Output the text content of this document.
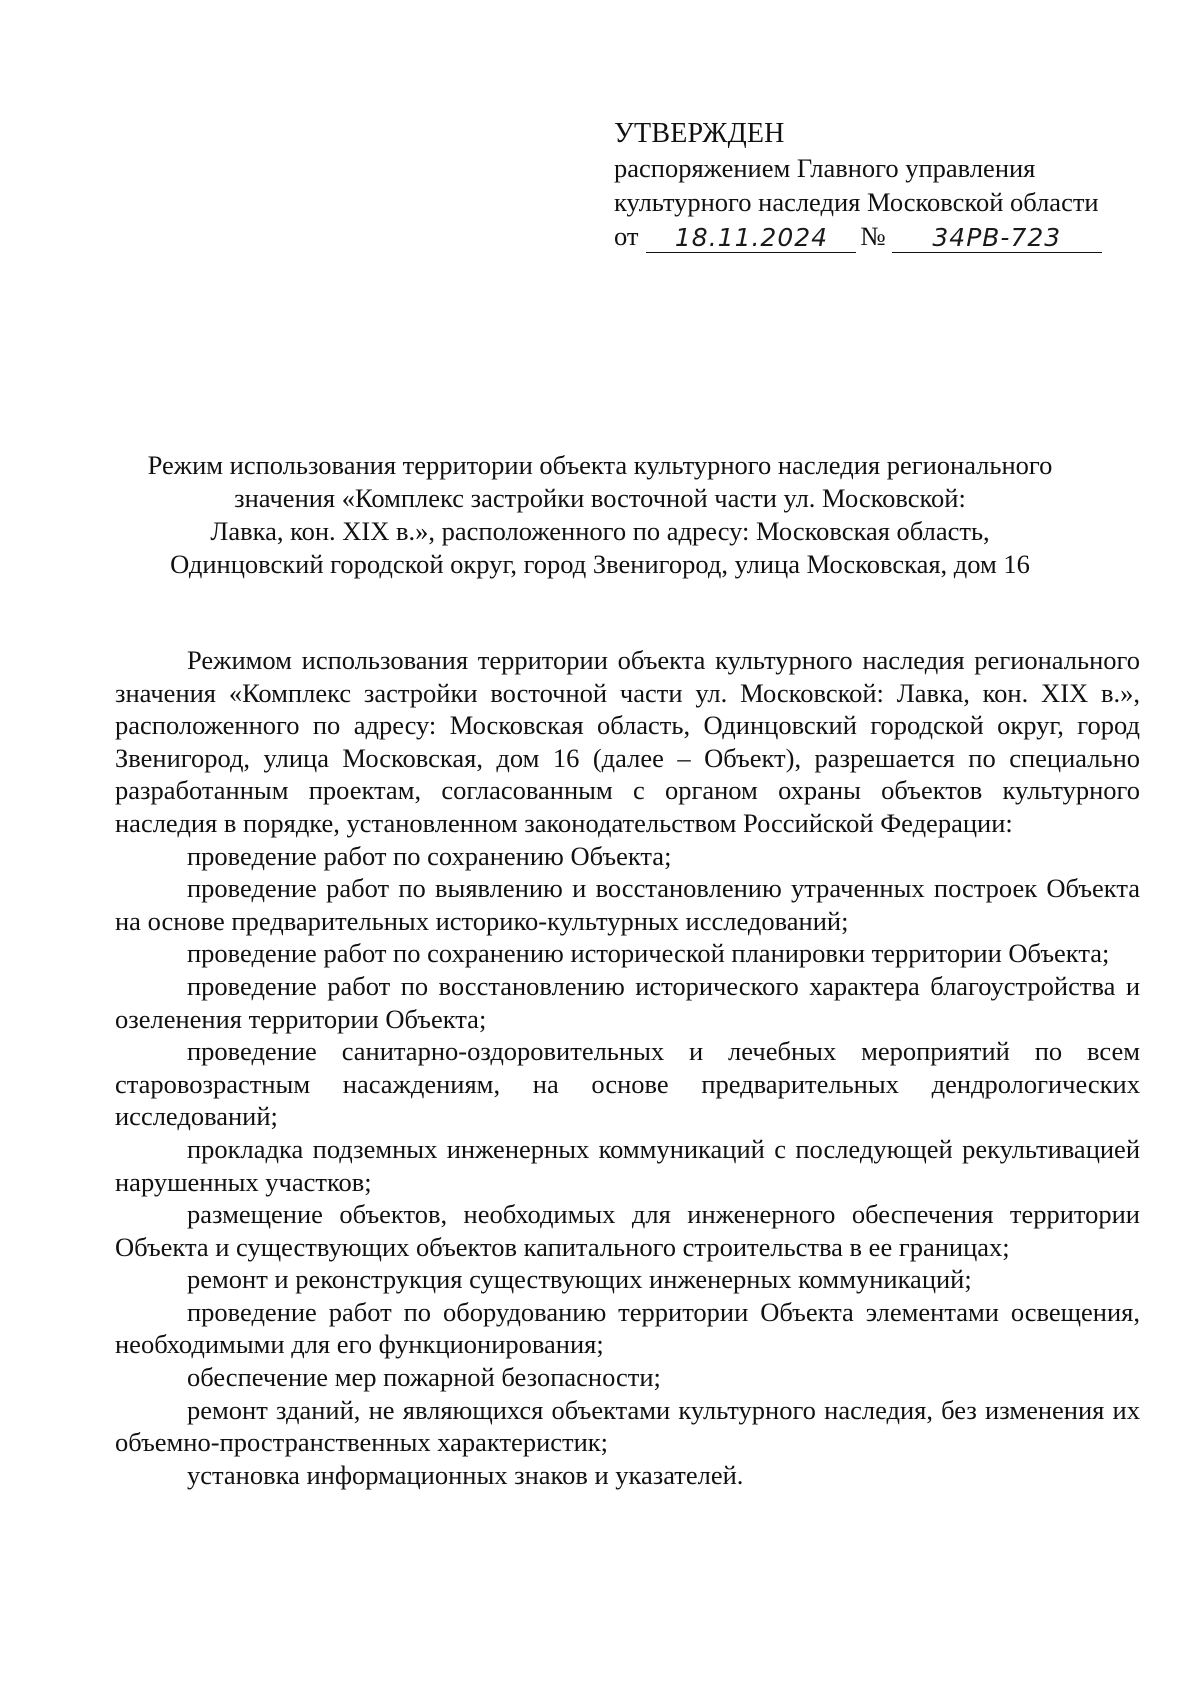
УТВЕРЖДЕН
распоряжением Главного управления
культурного наследия Московской области
от	18.11.2024	№	34РВ-723
Режим использования территории объекта культурного наследия регионального
значения «Комплекс застройки восточной части ул. Московской:
Лавка, кон. XIX в.», расположенного по адресу: Московская область,
Одинцовский городской округ, город Звенигород, улица Московская, дом 16

Режимом использования территории объекта культурного наследия регионального значения «Комплекс застройки восточной части ул. Московской: Лавка, кон. XIX в.», расположенного по адресу: Московская область, Одинцовский городской округ, город Звенигород, улица Московская, дом 16 (далее – Объект), разрешается по специально разработанным проектам, согласованным с органом охраны объектов культурного наследия в порядке, установленном законодательством Российской Федерации:

проведение работ по сохранению Объекта;

проведение работ по выявлению и восстановлению утраченных построек Объекта на основе предварительных историко-культурных исследований;

проведение работ по сохранению исторической планировки территории Объекта;

проведение работ по восстановлению исторического характера благоустройства и озеленения территории Объекта;

проведение санитарно-оздоровительных и лечебных мероприятий по всем старовозрастным насаждениям, на основе предварительных дендрологических исследований;

прокладка подземных инженерных коммуникаций с последующей рекультивацией нарушенных участков;

размещение объектов, необходимых для инженерного обеспечения территории Объекта и существующих объектов капитального строительства в ее границах;

ремонт и реконструкция существующих инженерных коммуникаций;

проведение работ по оборудованию территории Объекта элементами освещения, необходимыми для его функционирования;

обеспечение мер пожарной безопасности;

ремонт зданий, не являющихся объектами культурного наследия, без изменения их объемно-пространственных характеристик;

установка информационных знаков и указателей.
